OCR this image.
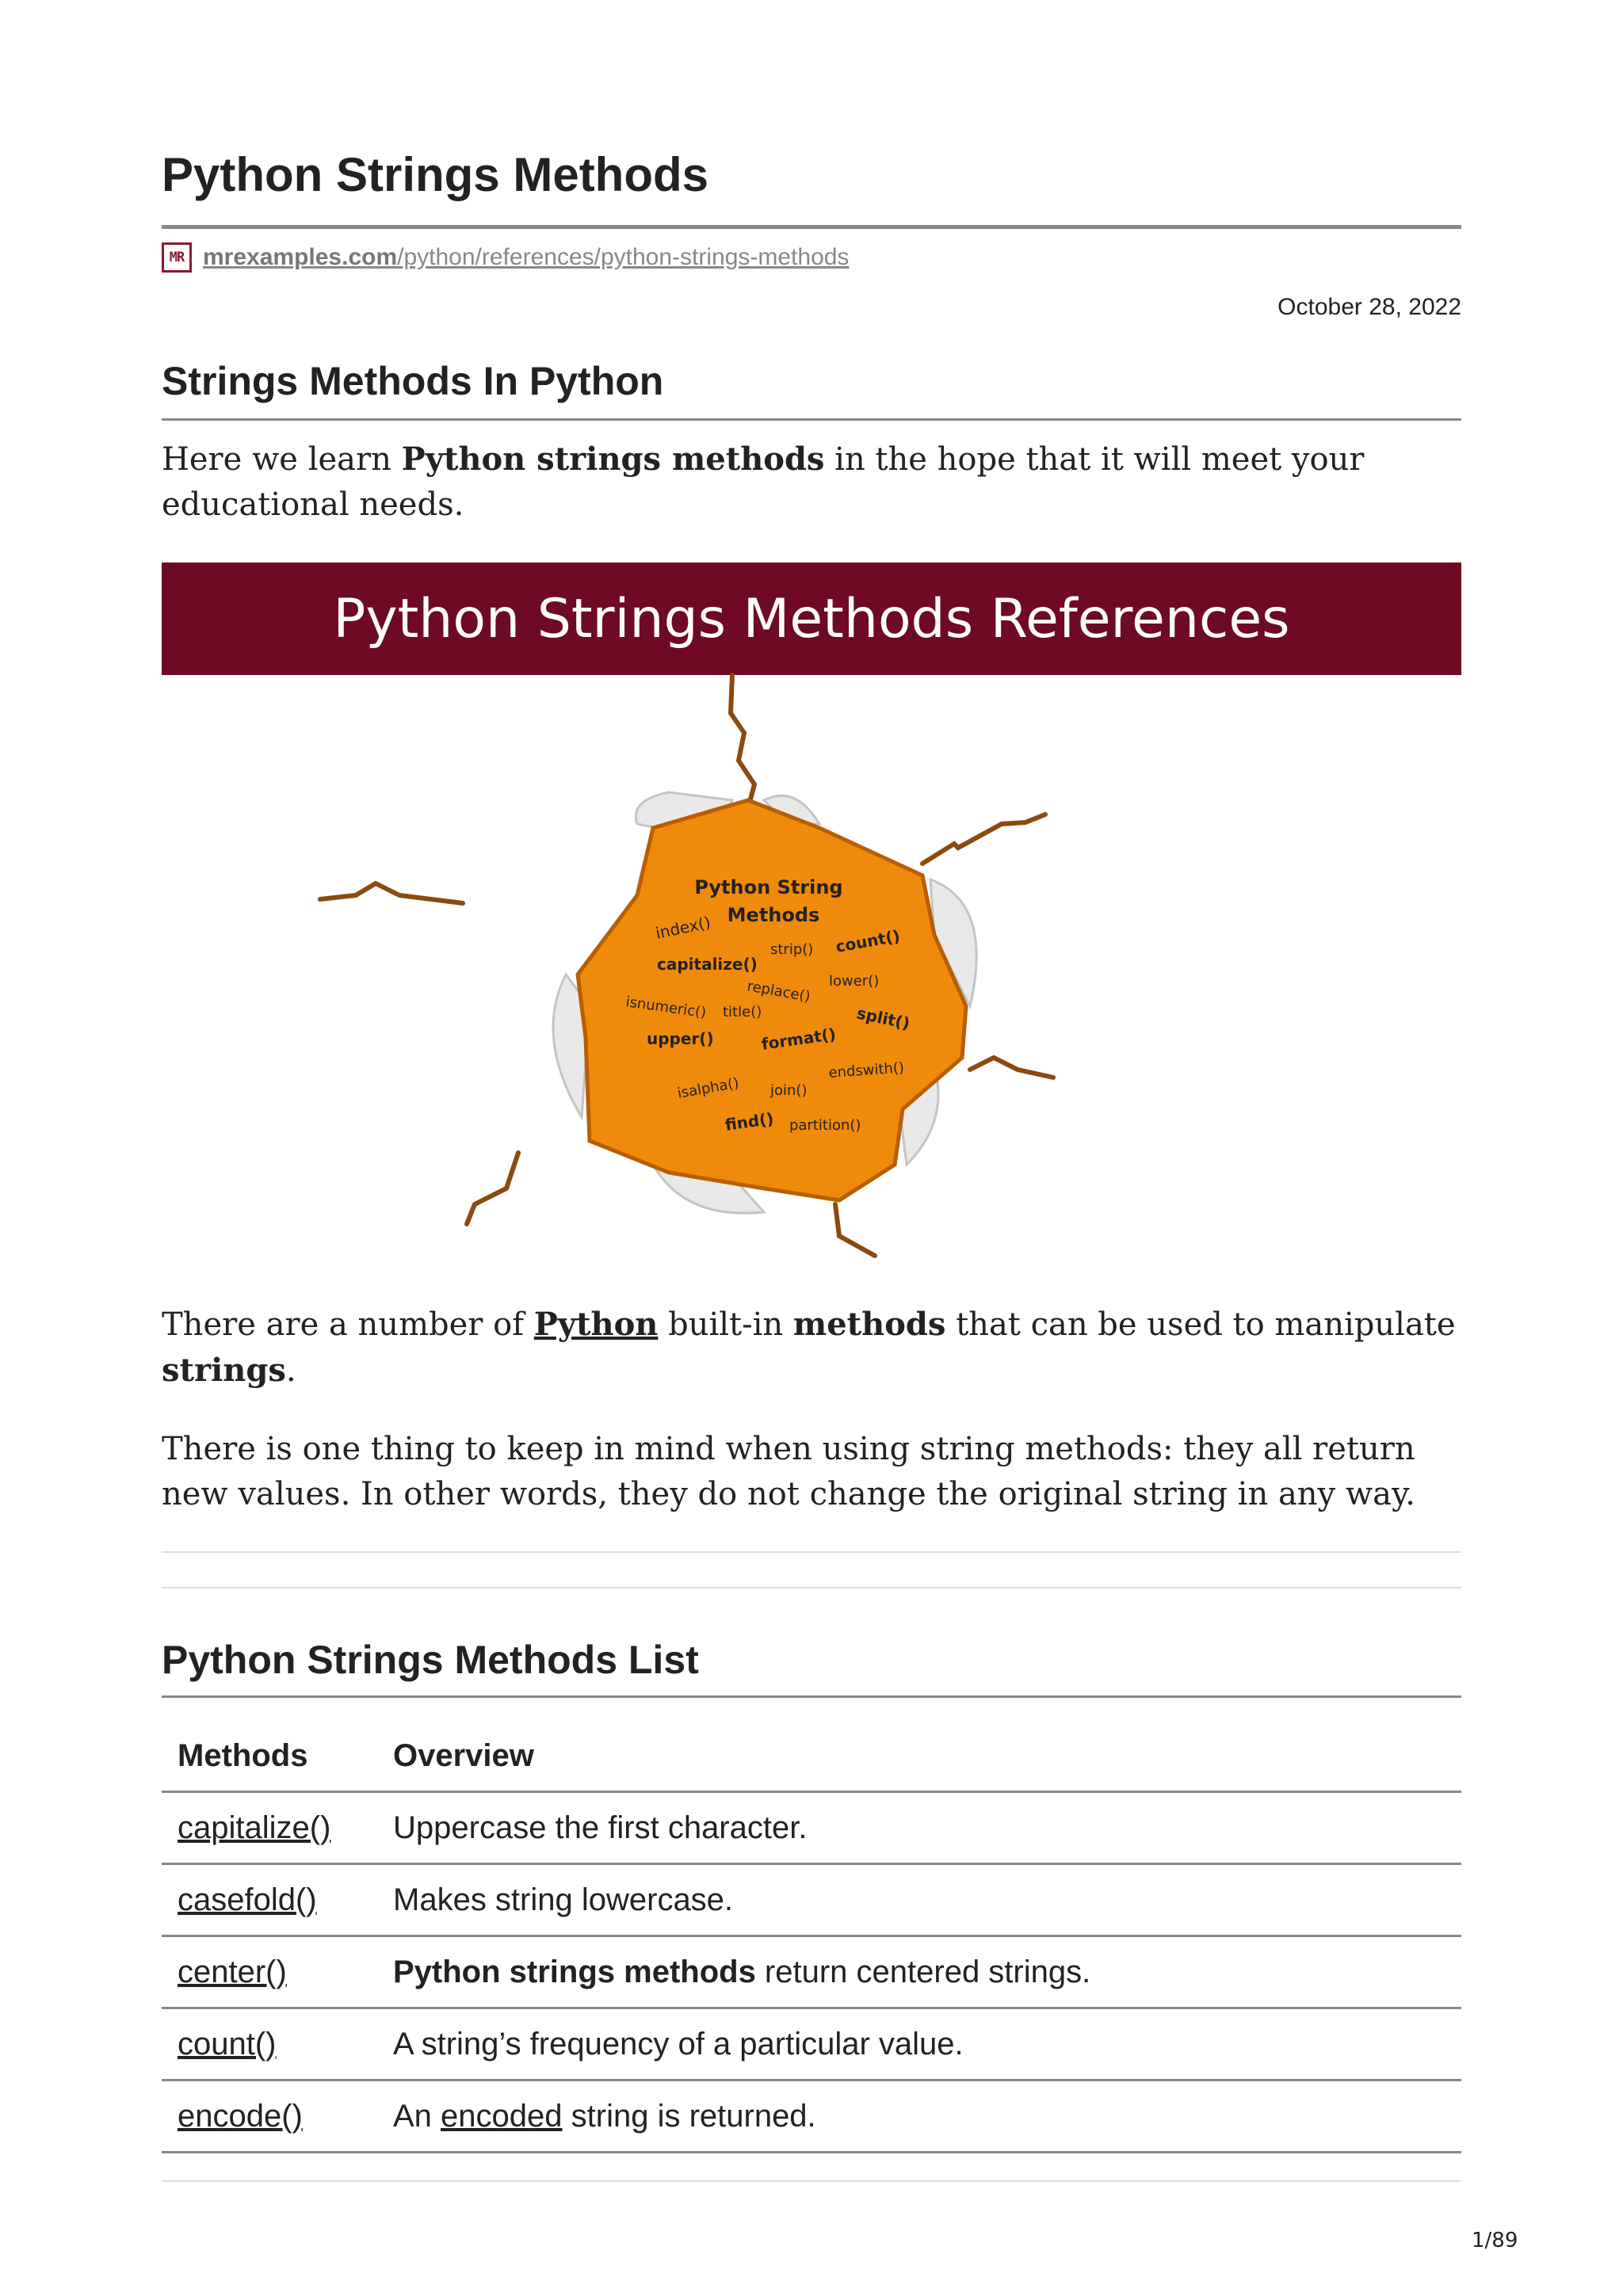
Python Strings Methods
MR mrexamples.com/python/references/python-strings-methods
October 28, 2022
Strings Methods In Python

Here we learn Python strings methods in the hope that it will meet your educational needs.

Python Strings Methods References
Python String
Methods
index()
strip() count()
capitalize()
lower()
replace()
isnumeric() title()	split()
upper()	format()
endswith()
isalpha() join()
find() partition()

There are a number of Python built-in methods that can be used to manipulate strings.

There is one thing to keep in mind when using string methods: they all return new values. In other words, they do not change the original string in any way.

Python Strings Methods List
Methods	Overview
capitalize()	Uppercase the first character.
casefold()	Makes string lowercase.
center()	Python strings methods return centered strings.
count()	A string’s frequency of a particular value.
encode()	An encoded string is returned.
1/89
